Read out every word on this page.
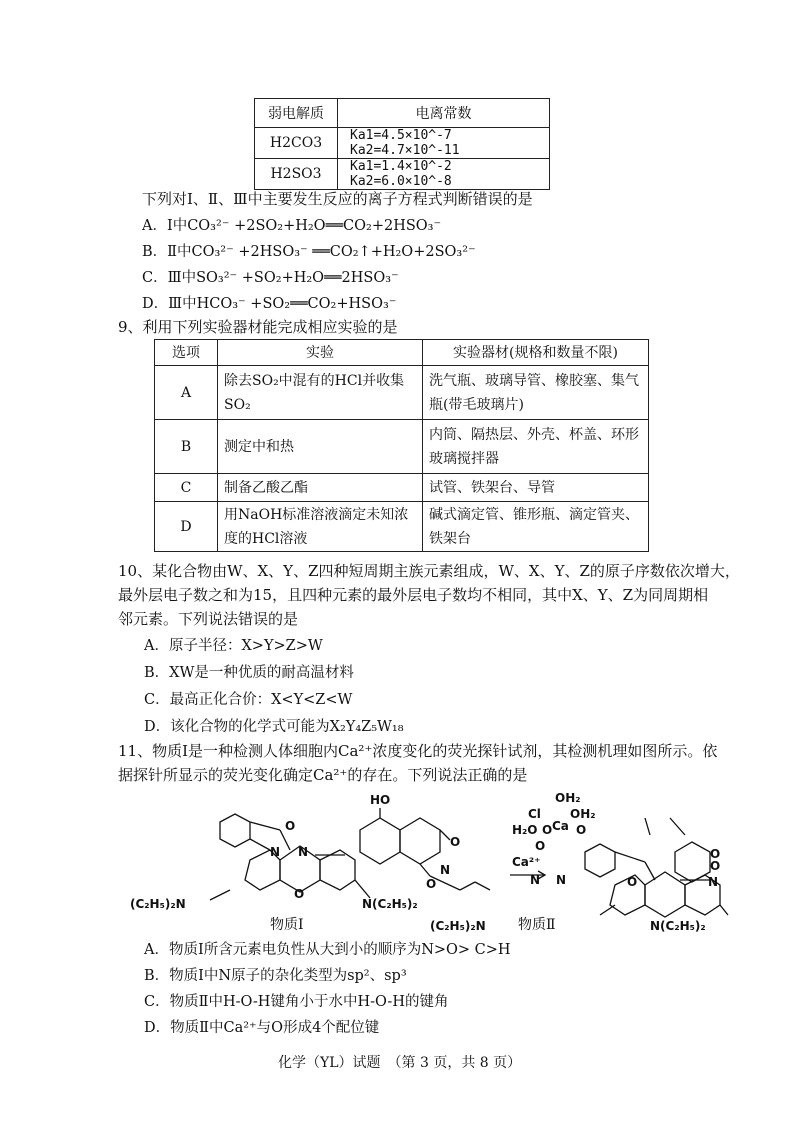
弱电解质	电离常数
H2CO3	Ka1=4.5×10^-7 Ka2=4.7×10^-11
H2SO3	Ka1=1.4×10^-2 Ka2=6.0×10^-8
下列对Ⅰ、Ⅱ、Ⅲ中主要发生反应的离子方程式判断错误的是
A．Ⅰ中CO₃²⁻ +2SO₂+H₂O══CO₂+2HSO₃⁻
B．Ⅱ中CO₃²⁻ +2HSO₃⁻ ══CO₂↑+H₂O+2SO₃²⁻
C．Ⅲ中SO₃²⁻ +SO₂+H₂O══2HSO₃⁻
D．Ⅲ中HCO₃⁻ +SO₂══CO₂+HSO₃⁻
9、利用下列实验器材能完成相应实验的是
选项	实验	实验器材(规格和数量不限)
A	除去SO₂中混有的HCl并收集SO₂	洗气瓶、玻璃导管、橡胶塞、集气瓶(带毛玻璃片)
B	测定中和热	内筒、隔热层、外壳、杯盖、环形玻璃搅拌器
C	制备乙酸乙酯	试管、铁架台、导管
D	用NaOH标准溶液滴定未知浓度的HCl溶液	碱式滴定管、锥形瓶、滴定管夹、铁架台
10、某化合物由W、X、Y、Z四种短周期主族元素组成，W、X、Y、Z的原子序数依次增大，
最外层电子数之和为15，且四种元素的最外层电子数均不相同，其中X、Y、Z为同周期相
邻元素。下列说法错误的是
A．原子半径：X>Y>Z>W
B．XW是一种优质的耐高温材料
C．最高正化合价：X<Y<Z<W
D．该化合物的化学式可能为X₂Y₄Z₅W₁₈
11、物质Ⅰ是一种检测人体细胞内Ca²⁺浓度变化的荧光探针试剂，其检测机理如图所示。依
据探针所显示的荧光变化确定Ca²⁺的存在。下列说法正确的是
HO
O
O
N N
O
O
N
(C₂H₅)₂N	N(C₂H₅)₂
Ca²⁺
OH₂
Cl OH₂
H₂O Ca
O O
O
O
N N
O
O
N
(C₂H₅)₂N	N(C₂H₅)₂
物质Ⅰ	物质Ⅱ
A．物质Ⅰ所含元素电负性从大到小的顺序为N>O> C>H
B．物质Ⅰ中N原子的杂化类型为sp²、sp³
C．物质Ⅱ中H-O-H键角小于水中H-O-H的键角
D．物质Ⅱ中Ca²⁺与O形成4个配位键
化学（YL）试题　（第 3 页，共 8 页）
